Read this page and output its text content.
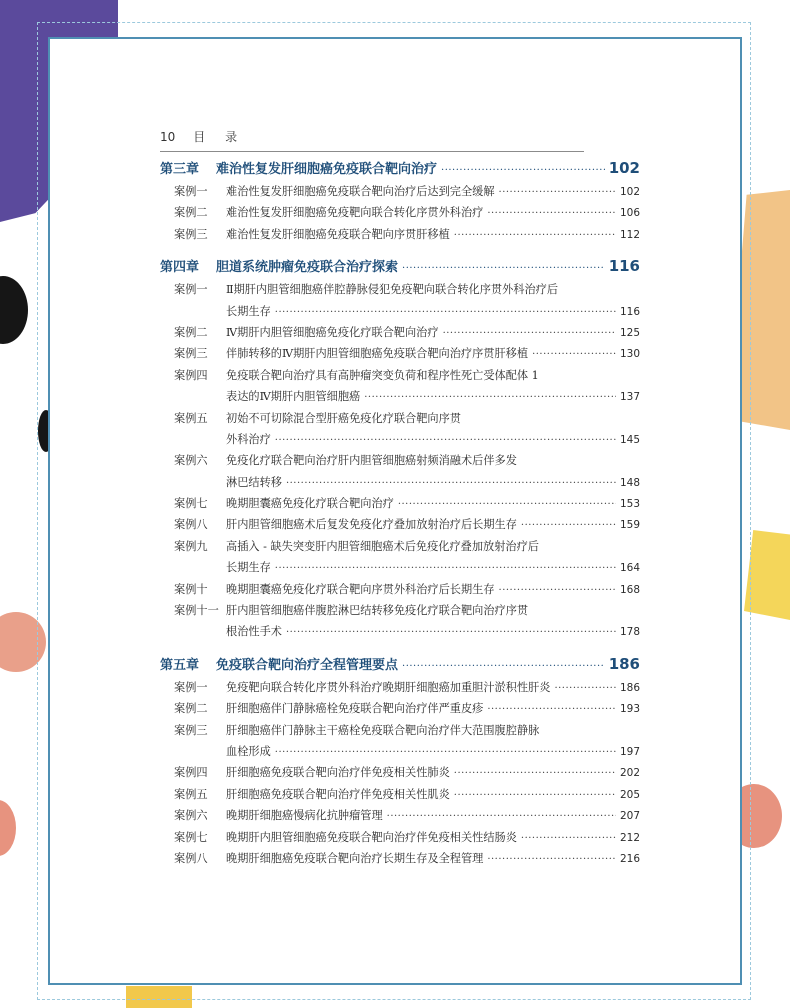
10 目 录
第三章	难治性复发肝细胞癌免疫联合靶向治疗 ·····	102
案例一	难治性复发肝细胞癌免疫联合靶向治疗后达到完全缓解 ·····	102
案例二	难治性复发肝细胞癌免疫靶向联合转化序贯外科治疗 ·····	106
案例三	难治性复发肝细胞癌免疫联合靶向序贯肝移植 ·····	112
第四章	胆道系统肿瘤免疫联合治疗探索 ·····	116
案例一	Ⅱ期肝内胆管细胞癌伴腔静脉侵犯免疫靶向联合转化序贯外科治疗后
长期生存 ·····	116
案例二	Ⅳ期肝内胆管细胞癌免疫化疗联合靶向治疗 ·····	125
案例三	伴肺转移的Ⅳ期肝内胆管细胞癌免疫联合靶向治疗序贯肝移植 ·····	130
案例四	免疫联合靶向治疗具有高肿瘤突变负荷和程序性死亡受体配体 1
表达的Ⅳ期肝内胆管细胞癌 ·····	137
案例五	初始不可切除混合型肝癌免疫化疗联合靶向序贯
外科治疗 ·····	145
案例六	免疫化疗联合靶向治疗肝内胆管细胞癌射频消融术后伴多发
淋巴结转移 ·····	148
案例七	晚期胆囊癌免疫化疗联合靶向治疗 ·····	153
案例八	肝内胆管细胞癌术后复发免疫化疗叠加放射治疗后长期生存 ·····	159
案例九	高插入 - 缺失突变肝内胆管细胞癌术后免疫化疗叠加放射治疗后
长期生存 ·····	164
案例十	晚期胆囊癌免疫化疗联合靶向序贯外科治疗后长期生存 ·····	168
案例十一 肝内胆管细胞癌伴腹腔淋巴结转移免疫化疗联合靶向治疗序贯
根治性手术 ·····	178
第五章	免疫联合靶向治疗全程管理要点 ·····	186
案例一	免疫靶向联合转化序贯外科治疗晚期肝细胞癌加重胆汁淤积性肝炎 ·····	186
案例二	肝细胞癌伴门静脉癌栓免疫联合靶向治疗伴严重皮疹 ·····	193
案例三	肝细胞癌伴门静脉主干癌栓免疫联合靶向治疗伴大范围腹腔静脉
血栓形成 ·····	197
案例四	肝细胞癌免疫联合靶向治疗伴免疫相关性肺炎 ·····	202
案例五	肝细胞癌免疫联合靶向治疗伴免疫相关性肌炎 ·····	205
案例六	晚期肝细胞癌慢病化抗肿瘤管理 ·····	207
案例七	晚期肝内胆管细胞癌免疫联合靶向治疗伴免疫相关性结肠炎 ·····	212
案例八	晚期肝细胞癌免疫联合靶向治疗长期生存及全程管理 ·····	216
